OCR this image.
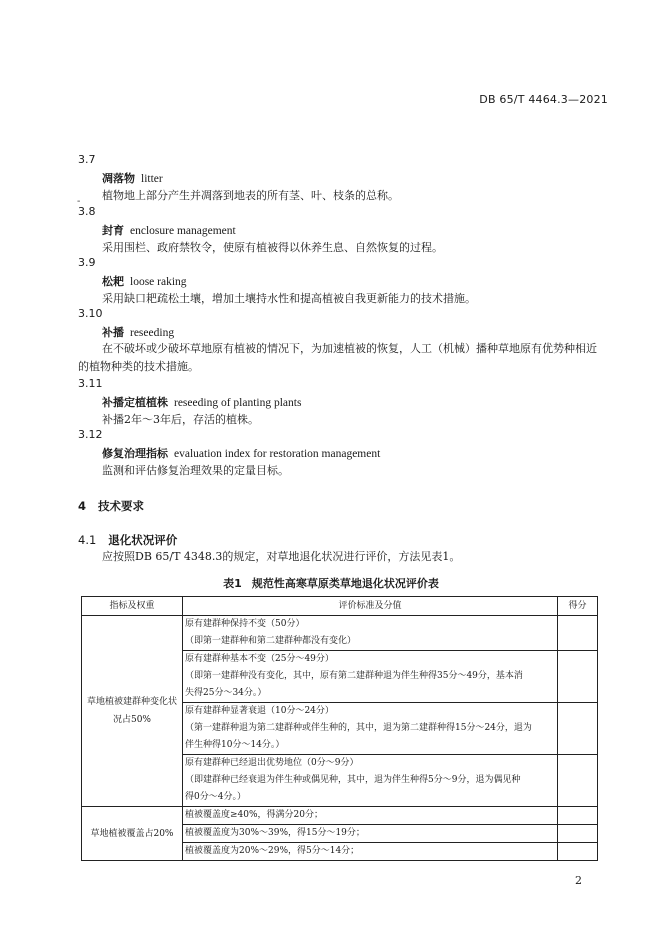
DB 65/T 4464.3—2021
-
3.7
凋落物 litter
植物地上部分产生并凋落到地表的所有茎、叶、枝条的总称。
3.8
封育 enclosure management
采用围栏、政府禁牧令，使原有植被得以休养生息、自然恢复的过程。
3.9
松耙 loose raking
采用缺口耙疏松土壤，增加土壤持水性和提高植被自我更新能力的技术措施。
3.10
补播 reseeding
在不破坏或少破坏草地原有植被的情况下，为加速植被的恢复，人工（机械）播种草地原有优势种相近的植物种类的技术措施。
3.11
补播定植植株 reseeding of planting plants
补播2年～3年后，存活的植株。
3.12
修复治理指标 evaluation index for restoration management
监测和评估修复治理效果的定量目标。
4 技术要求
4.1 退化状况评价
应按照DB 65/T 4348.3的规定，对草地退化状况进行评价，方法见表1。
表1 规范性高寒草原类草地退化状况评价表
指标及权重	评价标准及分值	得分
草地植被建群种变化状况占50%	原有建群种保持不变（50分）
（即第一建群种和第二建群种都没有变化）	

	原有建群种基本不变（25分～49分）
（即第一建群种没有变化，其中，原有第二建群种退为伴生种得35分～49分，基本消
失得25分～34分。）	

	原有建群种显著衰退（10分～24分）
（第一建群种退为第二建群种或伴生种的，其中，退为第二建群种得15分～24分，退为
伴生种得10分～14分。）	

	原有建群种已经退出优势地位（0分～9分）
（即建群种已经衰退为伴生种或偶见种，其中，退为伴生种得5分～9分，退为偶见种
得0分～4分。）	

草地植被覆盖占20%	植被覆盖度≥40%，得满分20分；	
	植被覆盖度为30%～39%，得15分～19分；	
	植被覆盖度为20%～29%，得5分～14分；	
2
